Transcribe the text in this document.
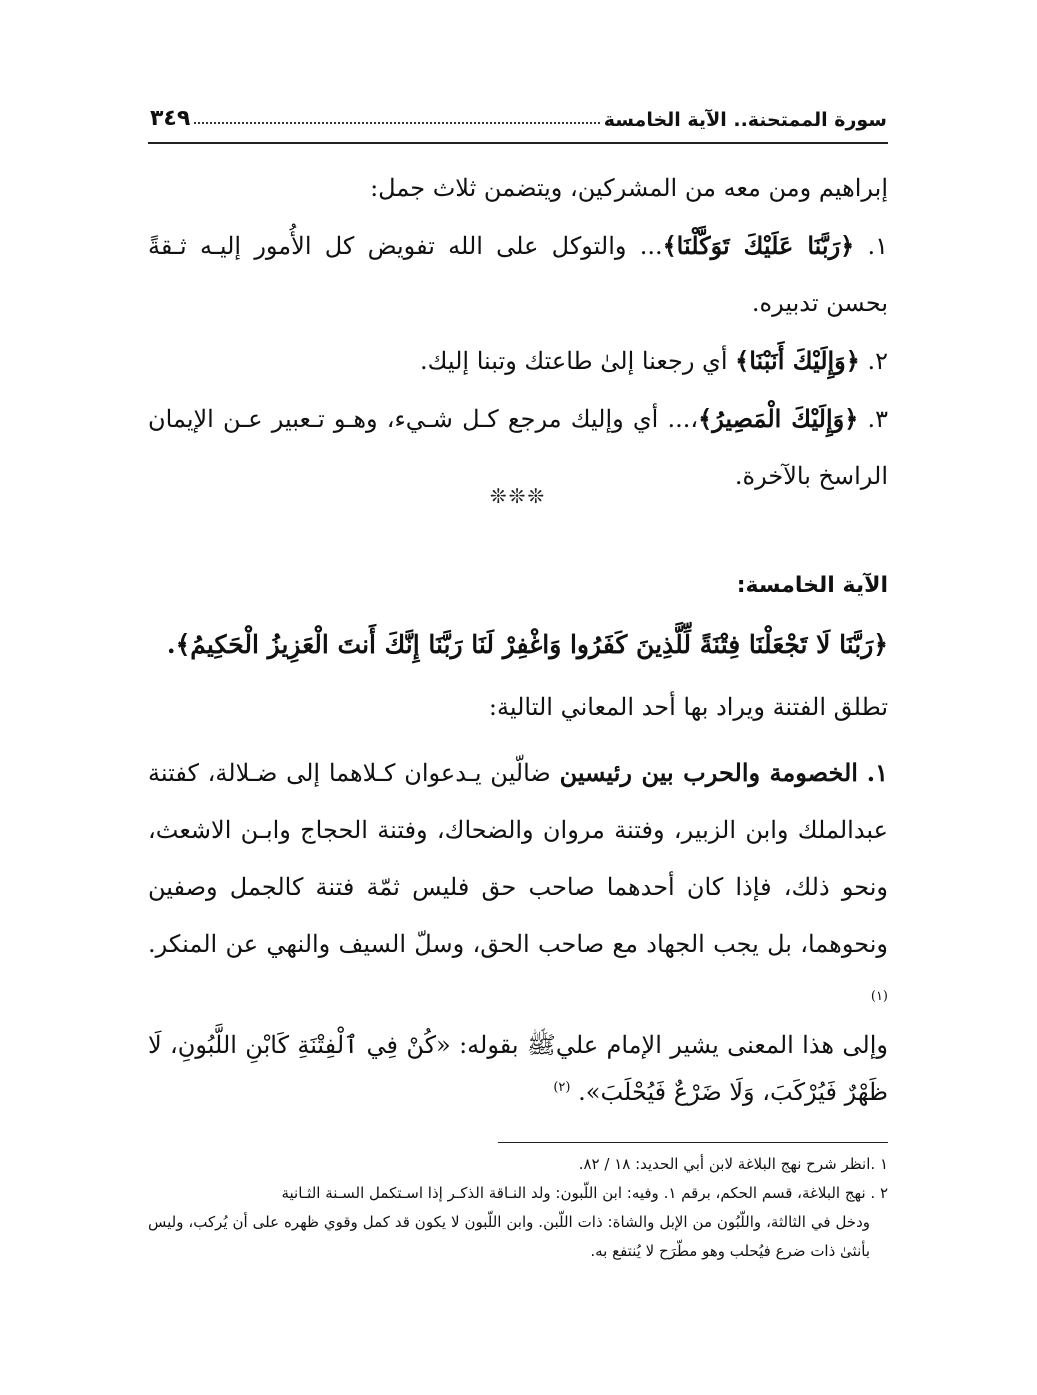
سورة الممتحنة.. الآية الخامسة
٣٤٩

إبراهيم ومن معه من المشركين، ويتضمن ثلاث جمل:

١. ﴿رَبَّنَا عَلَيْكَ تَوَكَّلْنَا﴾... والتوكل على الله تفويض كل الأُمور إليـه ثـقةً بحسن تدبيره.

٢. ﴿وَإِلَيْكَ أَنَبْنَا﴾ أي رجعنا إلىٰ طاعتك وتبنا إليك.

٣. ﴿وَإِلَيْكَ الْمَصِيرُ﴾،... أي وإليك مرجع كـل شـيء، وهـو تـعبير عـن الإيمان الراسخ بالآخرة.

❊❊❊
الآية الخامسة:
﴿رَبَّنَا لَا تَجْعَلْنَا فِتْنَةً لِّلَّذِينَ كَفَرُوا وَاغْفِرْ لَنَا رَبَّنَا إِنَّكَ أَنتَ الْعَزِيزُ الْحَكِيمُ﴾.

تطلق الفتنة ويراد بها أحد المعاني التالية:

١. الخصومة والحرب بين رئيسين ضالّين يـدعوان كـلاهما إلى ضـلالة، كفتنة عبدالملك وابن الزبير، وفتنة مروان والضحاك، وفتنة الحجاج وابـن الاشعث، ونحو ذلك، فإذا كان أحدهما صاحب حق فليس ثمّة فتنة كالجمل وصفين ونحوهما، بل يجب الجهاد مع صاحب الحق، وسلّ السيف والنهي عن المنكر. $^{(١)}$

وإلى هذا المعنى يشير الإمام عليﷺ بقوله: «كُنْ فِي ٱلْفِتْنَةِ كَابْنِ اللَّبُونِ، لَا ظَهْرٌ فَيُرْكَبَ، وَلَا ضَرْعٌ فَيُحْلَبَ». $^{(٢)}$

١ .انظر شرح نهج البلاغة لابن أبي الحديد: ١٨ / ٨٢.

٢ . نهج البلاغة، قسم الحكم، برقم ١. وفيه: ابن اللّبون: ولد النـاقة الذكـر إذا اسـتكمل السـنة الثـانية

ودخل في الثالثة، واللّبُون من الإبل والشاة: ذات اللّبن. وابن اللّبون لا يكون قد كمل وقوي ظهره على أن يُركب، وليس بأنثىٰ ذات ضرع فيُحلب وهو مطّرَح لا يُنتفع به.
